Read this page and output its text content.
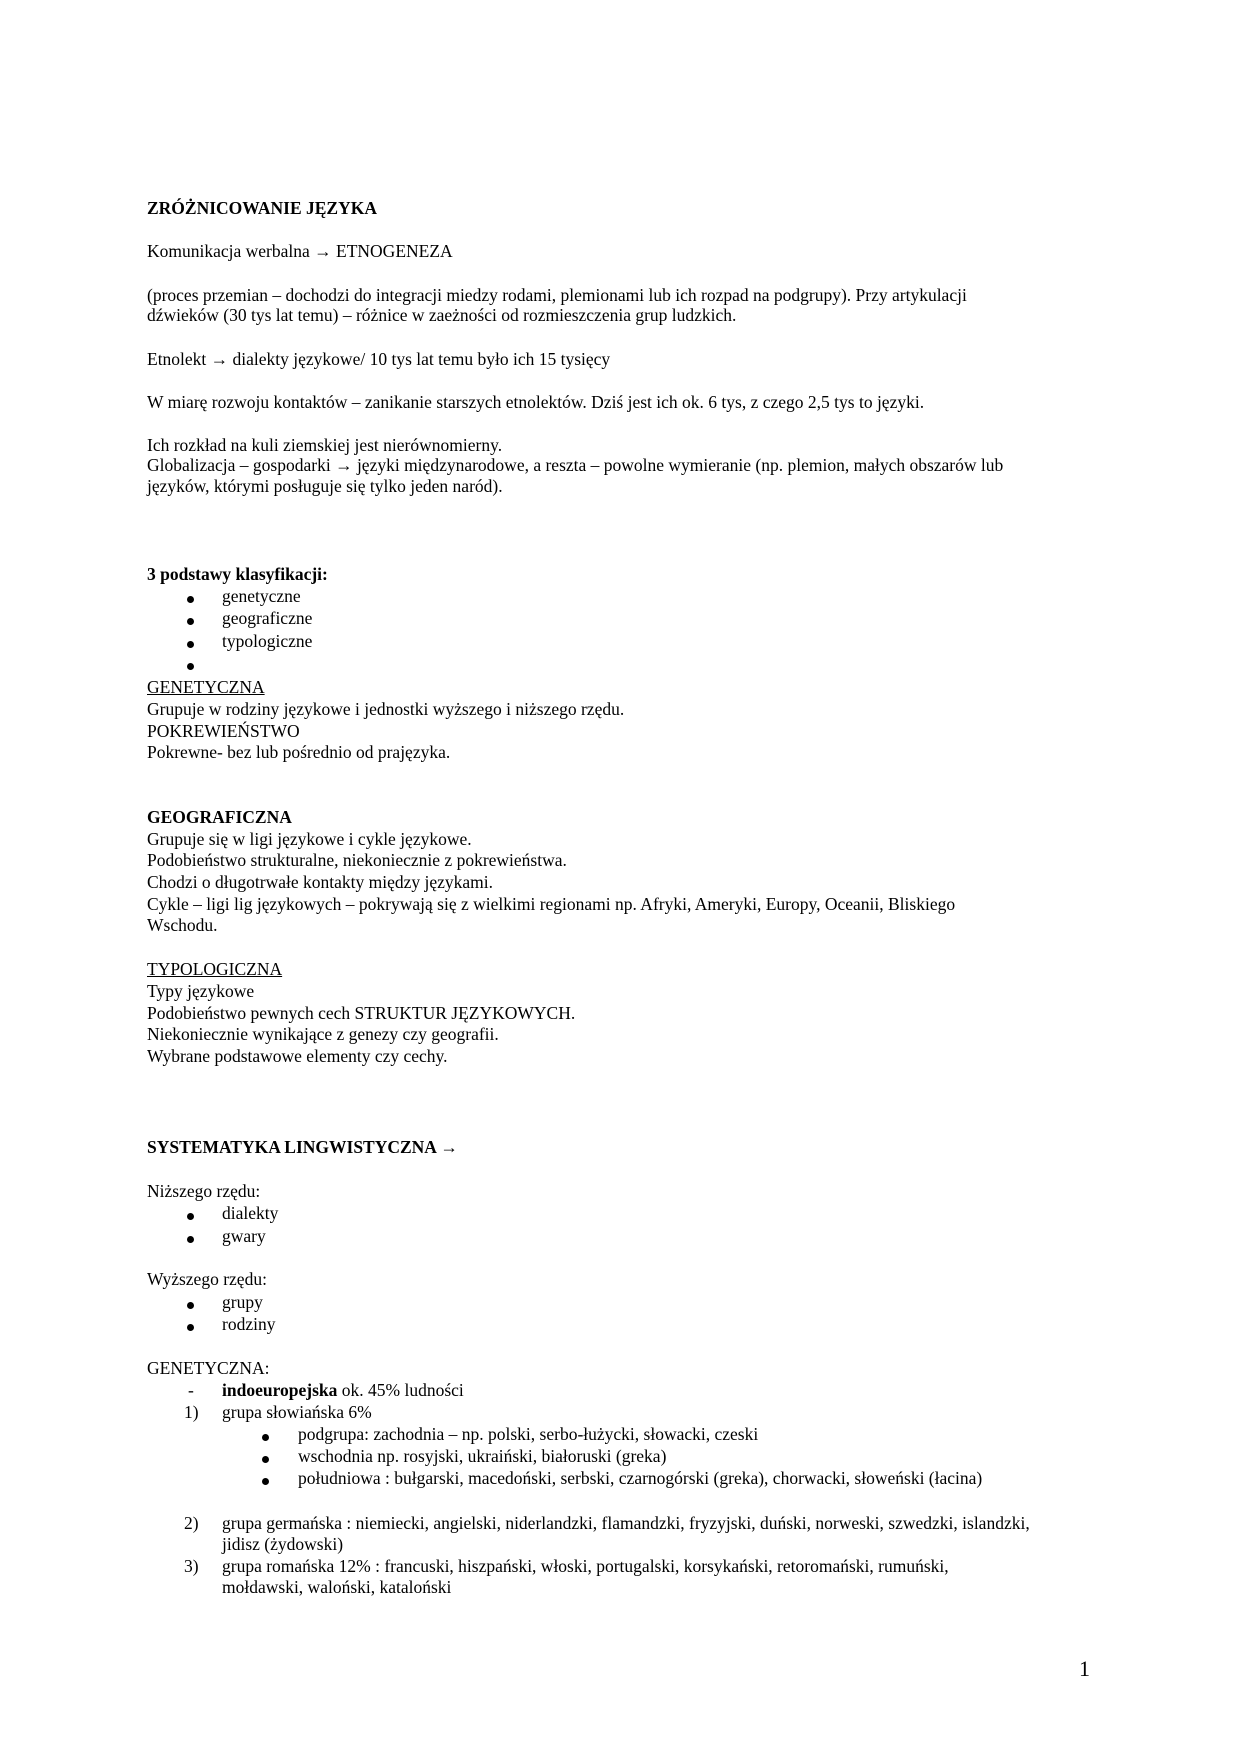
ZRÓŻNICOWANIE JĘZYKA

Komunikacja werbalna → ETNOGENEZA

(proces przemian – dochodzi do integracji miedzy rodami, plemionami lub ich rozpad na podgrupy). Przy artykulacji

dźwieków (30 tys lat temu) – różnice w zaeżności od rozmieszczenia grup ludzkich.

Etnolekt → dialekty językowe/ 10 tys lat temu było ich 15 tysięcy

W miarę rozwoju kontaktów – zanikanie starszych etnolektów. Dziś jest ich ok. 6 tys, z czego 2,5 tys to języki.

Ich rozkład na kuli ziemskiej jest nierównomierny.

Globalizacja – gospodarki → języki międzynarodowe, a reszta – powolne wymieranie (np. plemion, małych obszarów lub

języków, którymi posługuje się tylko jeden naród).

3 podstawy klasyfikacji:

genetyczne

geograficzne

typologiczne

GENETYCZNA

Grupuje w rodziny językowe i jednostki wyższego i niższego rzędu.

POKREWIEŃSTWO

Pokrewne- bez lub pośrednio od prajęzyka.

GEOGRAFICZNA

Grupuje się w ligi językowe i cykle językowe.

Podobieństwo strukturalne, niekoniecznie z pokrewieństwa.

Chodzi o długotrwałe kontakty między językami.

Cykle – ligi lig językowych – pokrywają się z wielkimi regionami np. Afryki, Ameryki, Europy, Oceanii, Bliskiego

Wschodu.

TYPOLOGICZNA

Typy językowe

Podobieństwo pewnych cech STRUKTUR JĘZYKOWYCH.

Niekoniecznie wynikające z genezy czy geografii.

Wybrane podstawowe elementy czy cechy.

SYSTEMATYKA LINGWISTYCZNA →

Niższego rzędu:

dialekty

gwary

Wyższego rzędu:

grupy

rodziny

GENETYCZNA:

- indoeuropejska ok. 45% ludności

1) grupa słowiańska 6%

podgrupa: zachodnia – np. polski, serbo-łużycki, słowacki, czeski

wschodnia np. rosyjski, ukraiński, białoruski (greka)

południowa : bułgarski, macedoński, serbski, czarnogórski (greka), chorwacki, słoweński (łacina)

2) grupa germańska : niemiecki, angielski, niderlandzki, flamandzki, fryzyjski, duński, norweski, szwedzki, islandzki,

jidisz (żydowski)

3) grupa romańska 12% : francuski, hiszpański, włoski, portugalski, korsykański, retoromański, rumuński,

mołdawski, waloński, kataloński

1
